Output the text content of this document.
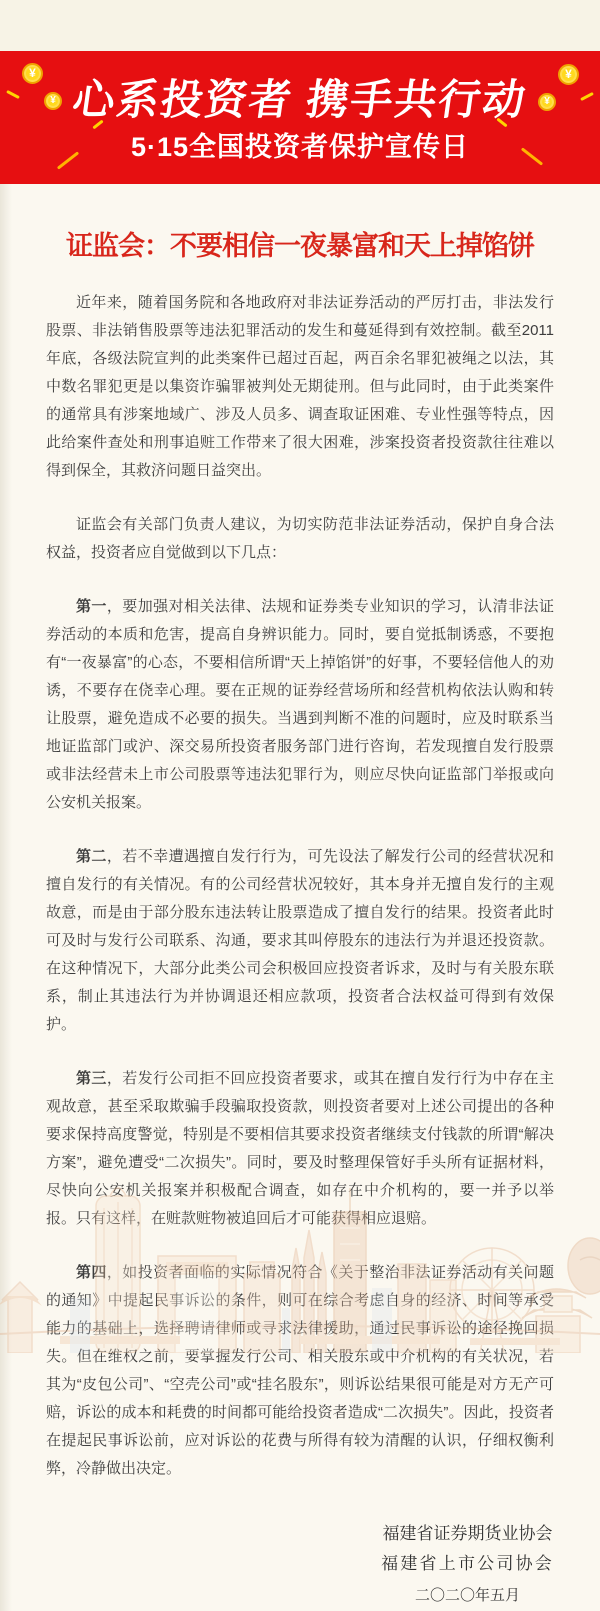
¥
¥
¥
¥
心系投资者 携手共行动
5·15全国投资者保护宣传日
证监会：不要相信一夜暴富和天上掉馅饼

近年来，随着国务院和各地政府对非法证券活动的严厉打击，非法发行股票、非法销售股票等违法犯罪活动的发生和蔓延得到有效控制。截至2011年底，各级法院宣判的此类案件已超过百起，两百余名罪犯被绳之以法，其中数名罪犯更是以集资诈骗罪被判处无期徒刑。但与此同时，由于此类案件的通常具有涉案地域广、涉及人员多、调查取证困难、专业性强等特点，因此给案件查处和刑事追赃工作带来了很大困难，涉案投资者投资款往往难以得到保全，其救济问题日益突出。

证监会有关部门负责人建议，为切实防范非法证券活动，保护自身合法权益，投资者应自觉做到以下几点：

第一，要加强对相关法律、法规和证券类专业知识的学习，认清非法证券活动的本质和危害，提高自身辨识能力。同时，要自觉抵制诱惑，不要抱有“一夜暴富”的心态，不要相信所谓“天上掉馅饼”的好事，不要轻信他人的劝诱，不要存在侥幸心理。要在正规的证券经营场所和经营机构依法认购和转让股票，避免造成不必要的损失。当遇到判断不准的问题时，应及时联系当地证监部门或沪、深交易所投资者服务部门进行咨询，若发现擅自发行股票或非法经营未上市公司股票等违法犯罪行为，则应尽快向证监部门举报或向公安机关报案。

第二，若不幸遭遇擅自发行行为，可先设法了解发行公司的经营状况和擅自发行的有关情况。有的公司经营状况较好，其本身并无擅自发行的主观故意，而是由于部分股东违法转让股票造成了擅自发行的结果。投资者此时可及时与发行公司联系、沟通，要求其叫停股东的违法行为并退还投资款。在这种情况下，大部分此类公司会积极回应投资者诉求，及时与有关股东联系，制止其违法行为并协调退还相应款项，投资者合法权益可得到有效保护。

第三，若发行公司拒不回应投资者要求，或其在擅自发行行为中存在主观故意，甚至采取欺骗手段骗取投资款，则投资者要对上述公司提出的各种要求保持高度警觉，特别是不要相信其要求投资者继续支付钱款的所谓“解决方案”，避免遭受“二次损失”。同时，要及时整理保管好手头所有证据材料，尽快向公安机关报案并积极配合调查，如存在中介机构的，要一并予以举报。只有这样，在赃款赃物被追回后才可能获得相应退赔。

第四，如投资者面临的实际情况符合《关于整治非法证券活动有关问题的通知》中提起民事诉讼的条件，则可在综合考虑自身的经济、时间等承受能力的基础上，选择聘请律师或寻求法律援助，通过民事诉讼的途径挽回损失。但在维权之前，要掌握发行公司、相关股东或中介机构的有关状况，若其为“皮包公司”、“空壳公司”或“挂名股东”，则诉讼结果很可能是对方无产可赔，诉讼的成本和耗费的时间都可能给投资者造成“二次损失”。因此，投资者在提起民事诉讼前，应对诉讼的花费与所得有较为清醒的认识，仔细权衡利弊，冷静做出决定。

福建省证券期货业协会
福建省上市公司协会
二〇二〇年五月
